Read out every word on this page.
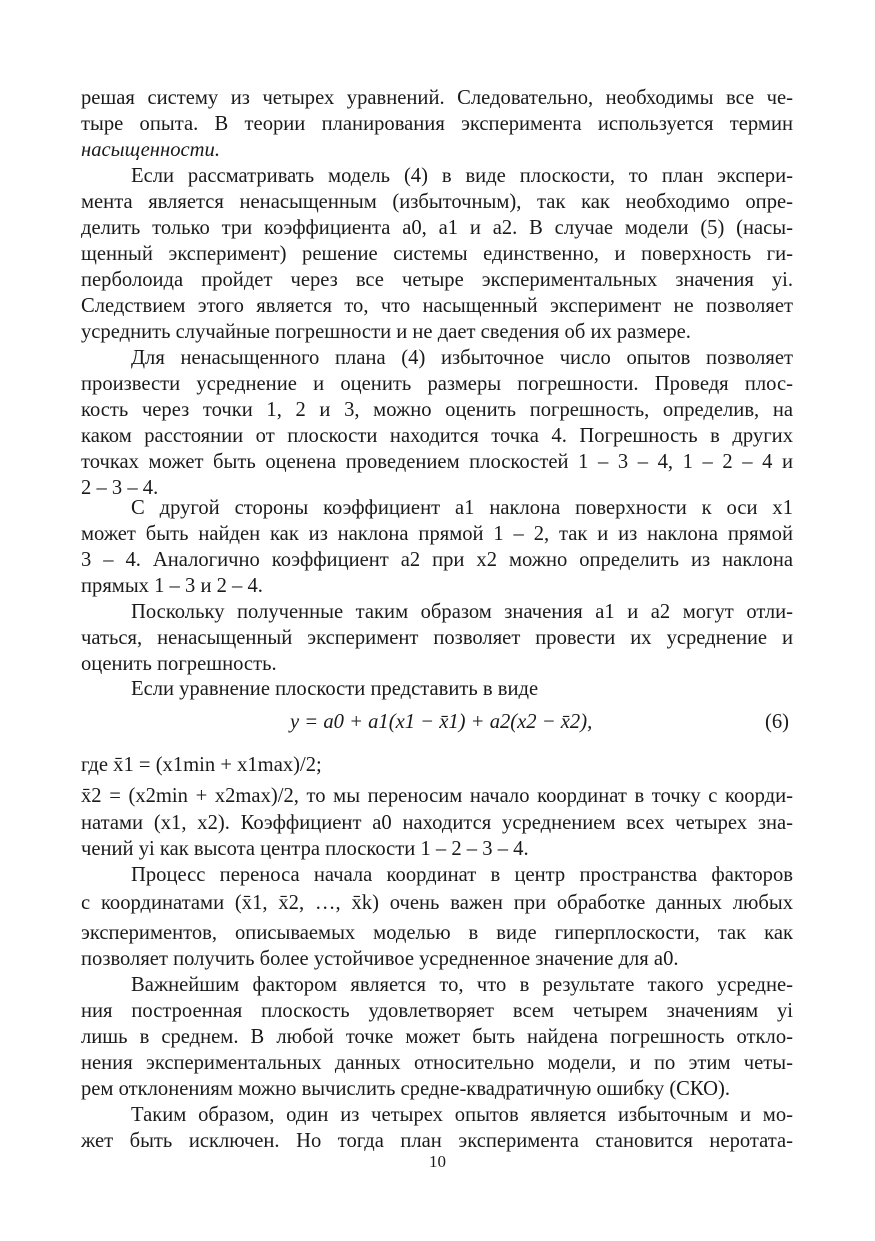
решая систему из четырех уравнений. Следовательно, необходимы все че-
тыре опыта. В теории планирования эксперимента используется термин
насыщенности.
Если рассматривать модель (4) в виде плоскости, то план экспери-
мента является ненасыщенным (избыточным), так как необходимо опре-
делить только три коэффициента a0, a1 и a2. В случае модели (5) (насы-
щенный эксперимент) решение системы единственно, и поверхность ги-
перболоида пройдет через все четыре экспериментальных значения yi.
Следствием этого является то, что насыщенный эксперимент не позволяет
усреднить случайные погрешности и не дает сведения об их размере.
Для ненасыщенного плана (4) избыточное число опытов позволяет
произвести усреднение и оценить размеры погрешности. Проведя плос-
кость через точки 1, 2 и 3, можно оценить погрешность, определив, на
каком расстоянии от плоскости находится точка 4. Погрешность в других
точках может быть оценена проведением плоскостей 1 – 3 – 4, 1 – 2 – 4 и
2 – 3 – 4.
С другой стороны коэффициент a1 наклона поверхности к оси x1
может быть найден как из наклона прямой 1 – 2, так и из наклона прямой
3 – 4. Аналогично коэффициент a2 при x2 можно определить из наклона
прямых 1 – 3 и 2 – 4.
Поскольку полученные таким образом значения a1 и a2 могут отли-
чаться, ненасыщенный эксперимент позволяет провести их усреднение и
оценить погрешность.
Если уравнение плоскости представить в виде
y = a0 + a1(x1 − x̄1) + a2(x2 − x̄2),	(6)
где x̄1 = (x1min + x1max)/2;
x̄2 = (x2min + x2max)/2, то мы переносим начало координат в точку с коорди-
натами (x1, x2). Коэффициент a0 находится усреднением всех четырех зна-
чений yi как высота центра плоскости 1 – 2 – 3 – 4.
Процесс переноса начала координат в центр пространства факторов
с координатами (x̄1, x̄2, …, x̄k) очень важен при обработке данных любых
экспериментов, описываемых моделью в виде гиперплоскости, так как
позволяет получить более устойчивое усредненное значение для a0.
Важнейшим фактором является то, что в результате такого усредне-
ния построенная плоскость удовлетворяет всем четырем значениям yi
лишь в среднем. В любой точке может быть найдена погрешность откло-
нения экспериментальных данных относительно модели, и по этим четы-
рем отклонениям можно вычислить средне-квадратичную ошибку (СКО).
Таким образом, один из четырех опытов является избыточным и мо-
жет быть исключен. Но тогда план эксперимента становится неротата-
10
